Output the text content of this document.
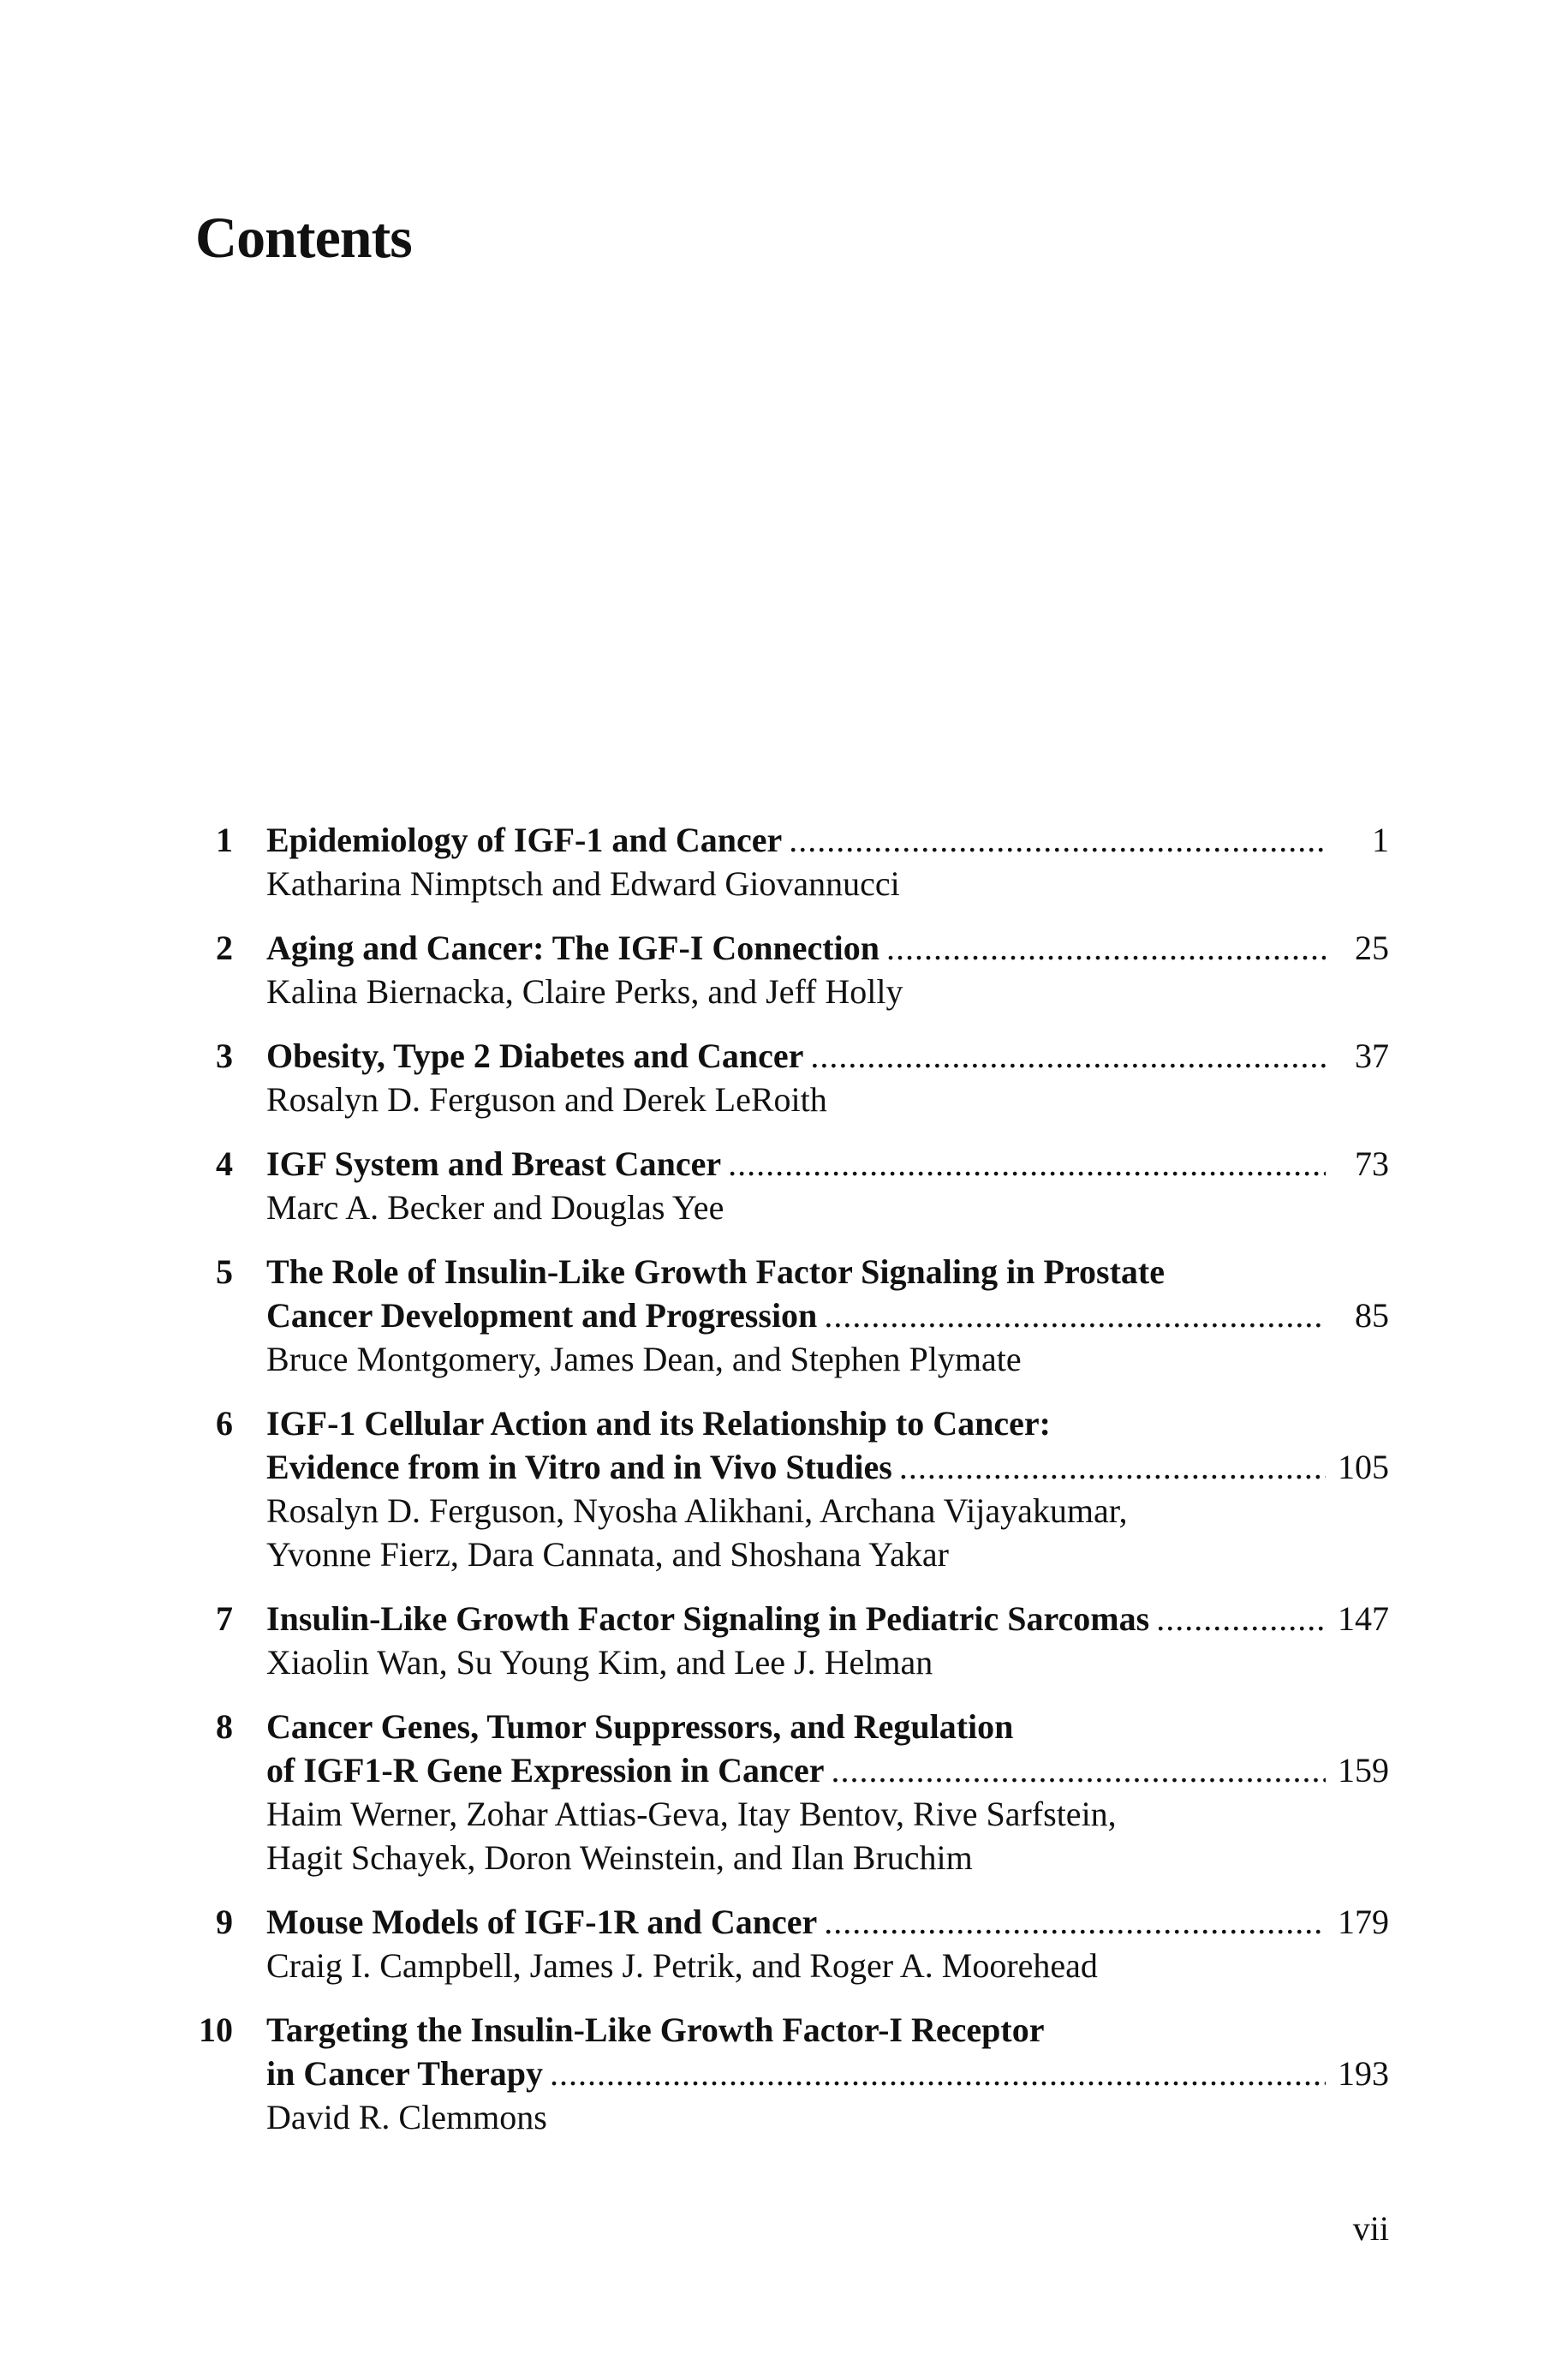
Contents
1 Epidemiology of IGF-1 and Cancer .....	1
Katharina Nimptsch and Edward Giovannucci
2 Aging and Cancer: The IGF-I Connection .....	25
Kalina Biernacka, Claire Perks, and Jeff Holly
3 Obesity, Type 2 Diabetes and Cancer .....	37
Rosalyn D. Ferguson and Derek LeRoith
4 IGF System and Breast Cancer .....	73
Marc A. Becker and Douglas Yee
5 The Role of Insulin-Like Growth Factor Signaling in Prostate
Cancer Development and Progression .....	85
Bruce Montgomery, James Dean, and Stephen Plymate
6 IGF-1 Cellular Action and its Relationship to Cancer:
Evidence from in Vitro and in Vivo Studies .....	105
Rosalyn D. Ferguson, Nyosha Alikhani, Archana Vijayakumar,
Yvonne Fierz, Dara Cannata, and Shoshana Yakar
7 Insulin-Like Growth Factor Signaling in Pediatric Sarcomas .....	147
Xiaolin Wan, Su Young Kim, and Lee J. Helman
8 Cancer Genes, Tumor Suppressors, and Regulation
of IGF1-R Gene Expression in Cancer .....	159
Haim Werner, Zohar Attias-Geva, Itay Bentov, Rive Sarfstein,
Hagit Schayek, Doron Weinstein, and Ilan Bruchim
9 Mouse Models of IGF-1R and Cancer .....	179
Craig I. Campbell, James J. Petrik, and Roger A. Moorehead
10 Targeting the Insulin-Like Growth Factor-I Receptor
in Cancer Therapy .....	193
David R. Clemmons
vii
